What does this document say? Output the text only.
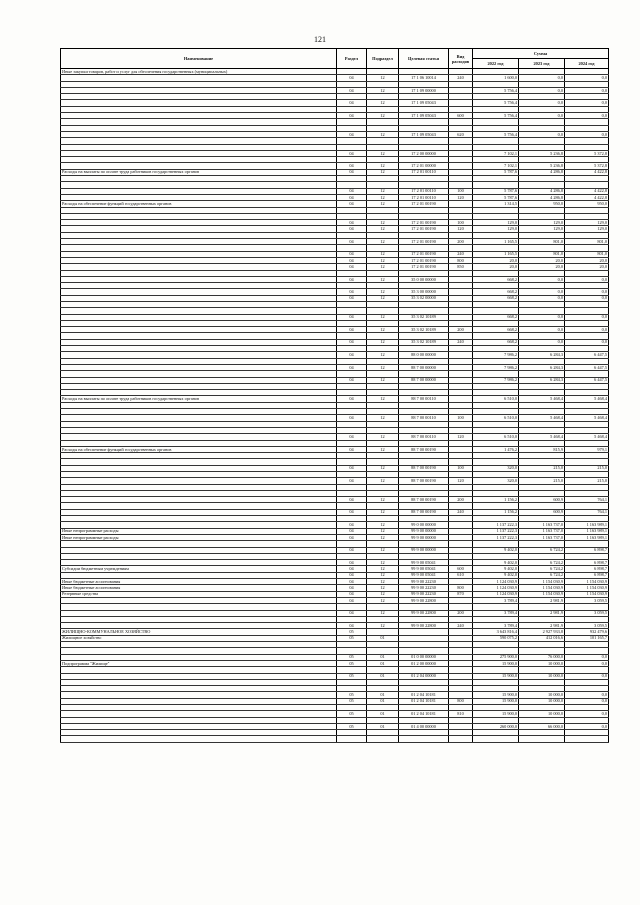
121
Наименование	Раздел	Подраздел	Целевая статья	Вид расходов	Сумма		
					2022 год	2023 год	2024 год
Иные закупки товаров, работ и услуг для обеспечения государственных (муниципальных)							
	04	12	17 1 06 10014	240	1 600,0	0,0	0,0

	04	12	17 1 09 00000		5 756,4	0,0	0,0

	04	12	17 1 09 05043		5 756,4	0,0	0,0

	04	12	17 1 09 05043	600	5 756,4	0,0	0,0

	04	12	17 1 09 05043	620	5 756,4	0,0	0,0

	04	12	17 2 00 00000		7 102,1	5 236,8	5 372,8

	04	12	17 2 01 00000		7 102,1	5 236,8	5 372,8
Расходы на выплаты по оплате труда работников государственных органов	04	12	17 2 01 00110		5 787,6	4 286,8	4 422,8

	04	12	17 2 01 00110	100	5 787,6	4 286,8	4 422,8
	04	12	17 2 01 00110	120	5 787,6	4 286,8	4 422,8
Расходы на обеспечение функций государственных органов	04	12	17 2 01 00190		1 314,5	950,0	950,0

	04	12	17 2 01 00190	100	129,0	129,0	129,0
	04	12	17 2 01 00190	120	129,0	129,0	129,0

	04	12	17 2 01 00190	200	1 165,5	801,0	801,0

	04	12	17 2 01 00190	240	1 165,5	801,0	801,0
	04	12	17 2 01 00190	800	20,0	20,0	20,0
	04	12	17 2 01 00190	850	20,0	20,0	20,0

	04	12	35 0 00 00000		668,2	0,0	0,0

	04	12	35 3 00 00000		668,2	0,0	0,0
	04	12	35 3 02 00000		668,2	0,0	0,0

	04	12	35 3 02 10189		668,2	0,0	0,0

	04	12	35 3 02 10189	200	668,2	0,0	0,0

	04	12	35 3 02 10189	240	668,2	0,0	0,0

	04	12	88 0 00 00000		7 986,2	6 284,3	6 447,5

	04	12	88 7 00 00000		7 986,2	6 284,3	6 447,5

	04	12	88 7 00 00000		7 986,2	6 284,3	6 447,5

Расходы на выплаты по оплате труда работников государственных органов	04	12	88 7 00 00110		6 510,0	5 468,4	5 468,4

	04	12	88 7 00 00110	100	6 510,0	5 468,4	5 468,4

	04	12	88 7 00 00110	120	6 510,0	5 468,4	5 468,4

Расходы на обеспечение функций государственных органов	04	12	88 7 00 00190		1 476,2	815,9	979,1

	04	12	88 7 00 00190	100	320,0	215,0	215,0

	04	12	88 7 00 00190	120	320,0	215,0	215,0

	04	12	88 7 00 00190	200	1 156,2	600,9	764,1

	04	12	88 7 00 00190	240	1 156,2	600,9	764,1

	04	12	99 0 00 00000		1 137 222,3	1 163 737,0	1 163 989,1
Иные непрограммные расходы	04	12	99 9 00 00000		1 137 222,3	1 163 737,0	1 163 989,1
Иные непрограммные расходы	04	12	99 9 00 00000		1 137 222,3	1 163 737,0	1 163 989,1

	04	12	99 9 00 00000		9 402,0	6 724,2	6 898,7

	04	12	99 9 00 05041		9 402,0	6 724,2	6 898,7
Субсидии бюджетным учреждениям	04	12	99 9 00 05041	600	9 402,0	6 724,2	6 898,7
	04	12	99 9 00 05041	610	9 402,0	6 724,2	6 898,7
Иные бюджетные ассигнования	04	12	99 9 00 22230		1 124 030,9	1 154 030,9	1 154 030,9
Иные бюджетные ассигнования	04	12	99 9 00 22230	800	1 124 030,9	1 154 030,9	1 154 030,9
Резервные средства	04	12	99 9 00 22230	870	1 124 030,9	1 154 030,9	1 154 030,9
	04	12	99 9 00 22800		3 789,4	2 981,9	3 059,5

	04	12	99 9 00 22800	200	3 789,4	2 981,9	3 059,5

	04	12	99 9 00 22800	240	3 789,4	2 981,9	3 059,5
ЖИЛИЩНО-КОММУНАЛЬНОЕ ХОЗЯЙСТВО	05				3 643 816,4	2 927 933,8	932 479,6
Жилищное хозяйство	05	01			590 075,2	412 016,6	101 165,7

	05	01	01 0 00 00000		275 900,0	76 000,0	0,0
Подпрограмма "Жилище"	05	01	01 2 00 00000		15 900,0	10 000,0	0,0

	05	01	01 2 04 00000		15 900,0	10 000,0	0,0

	05	01	01 2 04 10181		15 900,0	10 000,0	0,0
	05	01	01 2 04 10181	800	15 900,0	10 000,0	0,0

	05	01	01 2 04 10181	810	15 900,0	10 000,0	0,0

	05	01	01 4 00 00000		260 000,0	66 000,0	0,0
